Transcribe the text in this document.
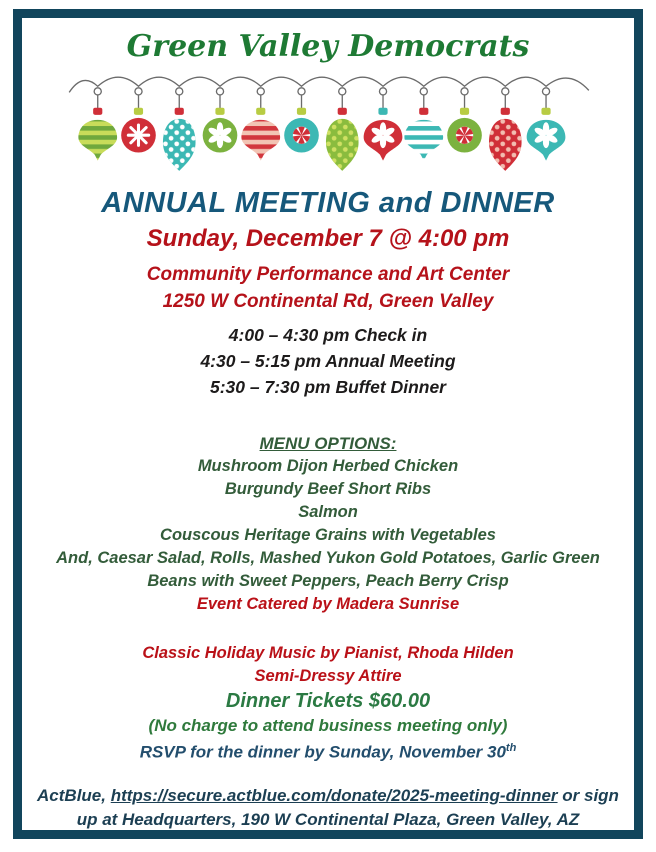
Green Valley Democrats
ANNUAL MEETING and DINNER
Sunday, December 7 @ 4:00 pm
Community Performance and Art Center
1250 W Continental Rd, Green Valley
4:00 – 4:30 pm Check in
4:30 – 5:15 pm Annual Meeting
5:30 – 7:30 pm Buffet Dinner
MENU OPTIONS:
Mushroom Dijon Herbed Chicken
Burgundy Beef Short Ribs
Salmon
Couscous Heritage Grains with Vegetables
And, Caesar Salad, Rolls, Mashed Yukon Gold Potatoes, Garlic Green Beans with Sweet Peppers, Peach Berry Crisp
Event Catered by Madera Sunrise
Classic Holiday Music by Pianist, Rhoda Hilden
Semi-Dressy Attire
Dinner Tickets $60.00
(No charge to attend business meeting only)
RSVP for the dinner by Sunday, November 30th
ActBlue, https://secure.actblue.com/donate/2025-meeting-dinner or sign up at Headquarters, 190 W Continental Plaza, Green Valley, AZ
